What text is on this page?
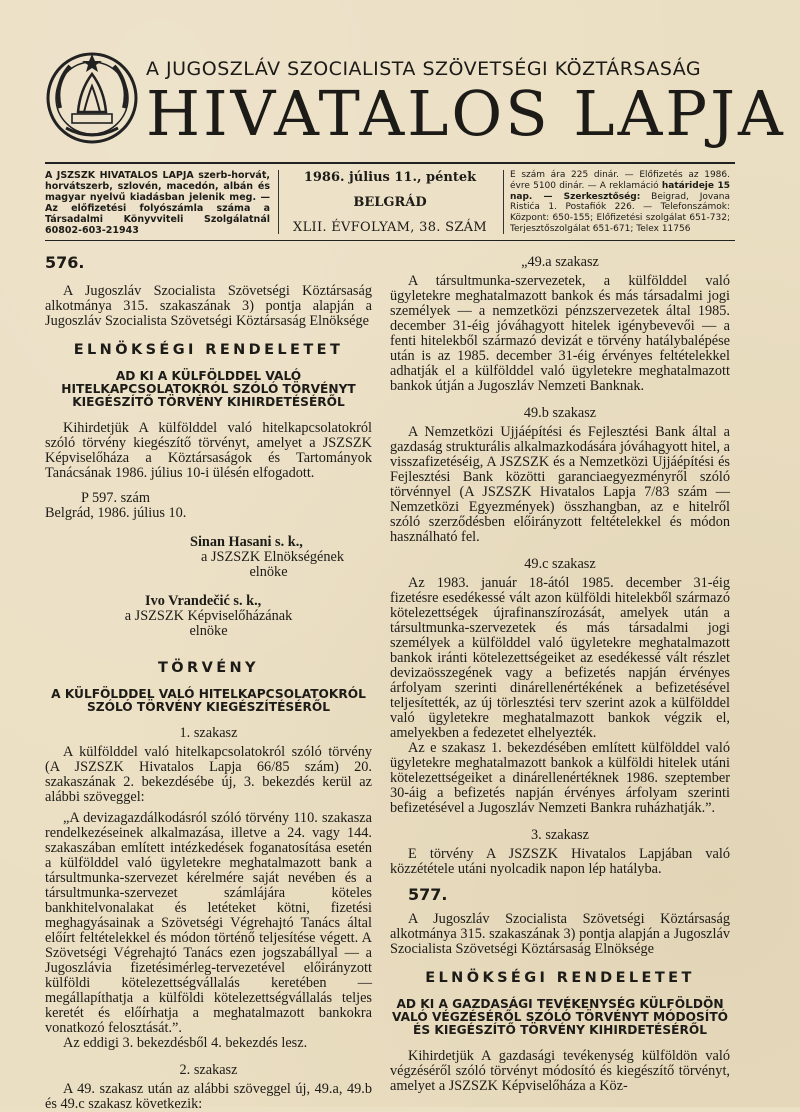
A JUGOSZLÁV SZOCIALISTA SZÖVETSÉGI KÖZTÁRSASÁG
HIVATALOS LAPJA
A JSZSZK HIVATALOS LAPJA szerb-horvát, horvátszerb, szlovén, macedón, albán és magyar nyelvű kiadásban jelenik meg. — Az előfizetési folyószámla száma a Társadalmi Könyvviteli Szolgálatnál 60802-603-21943
1986. július 11., péntek
BELGRÁD
XLII. ÉVFOLYAM, 38. SZÁM
E szám ára 225 dinár. — Előfizetés az 1986. évre 5100 dinár. — A reklamáció határideje 15 nap. — Szerkesztőség: Beigrad, Jovana Ristića 1. Postafiók 226. — Telefonszámok: Központ: 650-155; Előfizetési szolgálat 651-732; Terjesztőszolgálat 651-671; Telex 11756
576.

A Jugoszláv Szocialista Szövetségi Köztársaság alkotmánya 315. szakaszának 3) pontja alapján a Jugoszláv Szocialista Szövetségi Köztársaság Elnöksége

ELNÖKSÉGI RENDELETET
AD KI A KÜLFÖLDDEL VALÓ HITELKAPCSOLATOKRÓL SZÓLÓ TÖRVÉNYT KIEGÉSZÍTŐ TÖRVÉNY KIHIRDETÉSÉRŐL

Kihirdetjük A külfölddel való hitelkapcsolatokról szóló törvény kiegészítő törvényt, amelyet a JSZSZK Képviselőháza a Köztársaságok és Tartományok Tanácsának 1986. július 10-i ülésén elfogadott.

P 597. szám

Belgrád, 1986. július 10.

Sinan Hasani s. k.,
a JSZSZK Elnökségének
elnöke
Ivo Vrandečić s. k.,
a JSZSZK Képviselőházának
elnöke
TÖRVÉNY
A KÜLFÖLDDEL VALÓ HITELKAPCSOLATOKRÓL SZÓLÓ TÖRVÉNY KIEGÉSZÍTÉSÉRŐL
1. szakasz

A külfölddel való hitelkapcsolatokról szóló törvény (A JSZSZK Hivatalos Lapja 66/85 szám) 20. szakaszának 2. bekezdésébe új, 3. bekezdés kerül az alábbi szöveggel:

„A devizagazdálkodásról szóló törvény 110. szakasza rendelkezéseinek alkalmazása, illetve a 24. vagy 144. szakaszában említett intézkedések foganatosítása esetén a külfölddel való ügyletekre meghatalmazott bank a társultmunka-szervezet kérelmére saját nevében és a társultmunka-szervezet számlájára köteles bankhitelvonalakat és letéteket kötni, fizetési meghagyásainak a Szövetségi Végrehajtó Tanács által előírt feltételekkel és módon történő teljesítése végett. A Szövetségi Végrehajtó Tanács ezen jogszabállyal — a Jugoszlávia fizetésimérleg-tervezetével előirányzott külföldi kötelezettségvállalás keretében — megállapíthatja a külföldi kötelezettségvállalás teljes keretét és előírhatja a meghatalmazott bankokra vonatkozó felosztását.”.

Az eddigi 3. bekezdésből 4. bekezdés lesz.

2. szakasz

A 49. szakasz után az alábbi szöveggel új, 49.a, 49.b és 49.c szakasz következik:

„49.a szakasz

A társultmunka-szervezetek, a külfölddel való ügyletekre meghatalmazott bankok és más társadalmi jogi személyek — a nemzetközi pénzszervezetek által 1985. december 31-éig jóváhagyott hitelek igénybevevői — a fenti hitelekből származó devizát e törvény hatálybalépése után is az 1985. december 31-éig érvényes feltételekkel adhatják el a külfölddel való ügyletekre meghatalmazott bankok útján a Jugoszláv Nemzeti Banknak.

49.b szakasz

A Nemzetközi Ujjáépítési és Fejlesztési Bank által a gazdaság strukturális alkalmazkodására jóváhagyott hitel, a visszafizetéséig, A JSZSZK és a Nemzetközi Ujjáépítési és Fejlesztési Bank közötti garanciaegyezményről szóló törvénnyel (A JSZSZK Hivatalos Lapja 7/83 szám — Nemzetközi Egyezmények) összhangban, az e hitelről szóló szerződésben előirányzott feltételekkel és módon használható fel.

49.c szakasz

Az 1983. január 18-ától 1985. december 31-éig fizetésre esedékessé vált azon külföldi hitelekből származó kötelezettségek újrafinanszírozását, amelyek után a társultmunka-szervezetek és más társadalmi jogi személyek a külfölddel való ügyletekre meghatalmazott bankok iránti kötelezettségeiket az esedékessé vált részlet devizaösszegének vagy a befizetés napján érvényes árfolyam szerinti dinárellenértékének a befizetésével teljesítették, az új törlesztési terv szerint azok a külfölddel való ügyletekre meghatalmazott bankok végzik el, amelyekben a fedezetet elhelyezték.

Az e szakasz 1. bekezdésében említett külfölddel való ügyletekre meghatalmazott bankok a külföldi hitelek utáni kötelezettségeiket a dinárellenértéknek 1986. szeptember 30-áig a befizetés napján érvényes árfolyam szerinti befizetésével a Jugoszláv Nemzeti Bankra ruházhatják.”.

3. szakasz

E törvény A JSZSZK Hivatalos Lapjában való közzététele utáni nyolcadik napon lép hatályba.

577.

A Jugoszláv Szocialista Szövetségi Köztársaság alkotmánya 315. szakaszának 3) pontja alapján a Jugoszláv Szocialista Szövetségi Köztársaság Elnöksége

ELNÖKSÉGI RENDELETET
AD KI A GAZDASÁGI TEVÉKENYSÉG KÜLFÖLDÖN VALÓ VÉGZÉSÉRŐL SZÓLÓ TÖRVÉNYT MÓDOSÍTÓ ÉS KIEGÉSZÍTŐ TÖRVÉNY KIHIRDETÉSÉRŐL

Kihirdetjük A gazdasági tevékenység külföldön való végzéséről szóló törvényt módosító és kiegészítő törvényt, amelyet a JSZSZK Képviselőháza a Köz-
